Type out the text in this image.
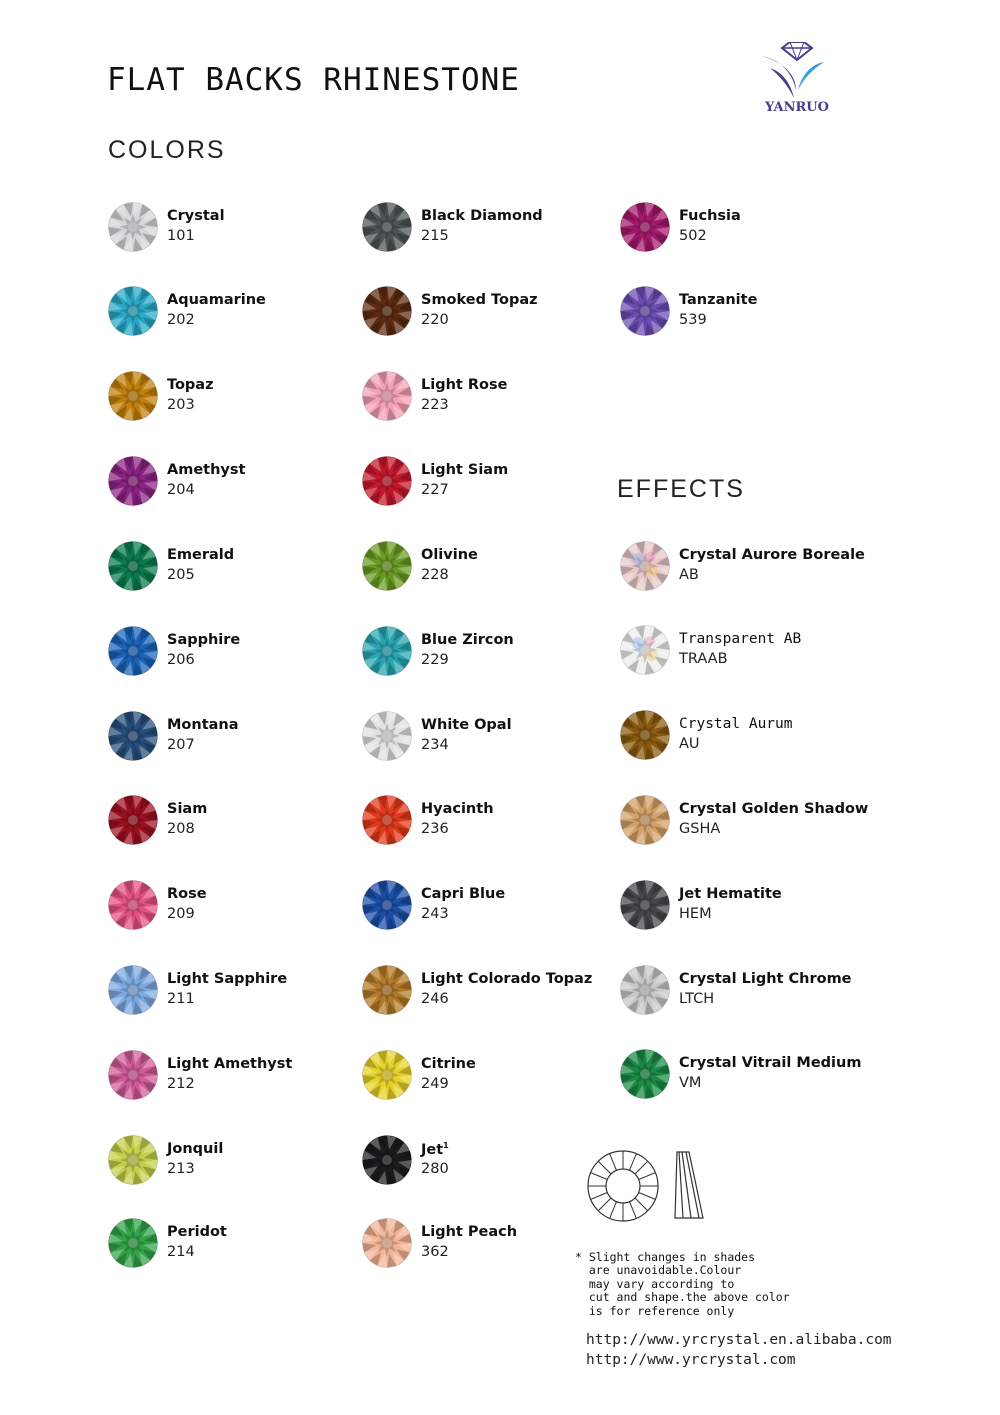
FLAT BACKS RHINESTONE
YANRUO
COLORS
EFFECTS
Crystal
101
Aquamarine
202
Topaz
203
Amethyst
204
Emerald
205
Sapphire
206
Montana
207
Siam
208
Rose
209
Light Sapphire
211
Light Amethyst
212
Jonquil
213
Peridot
214
Black Diamond
215
Smoked Topaz
220
Light Rose
223
Light Siam
227
Olivine
228
Blue Zircon
229
White Opal
234
Hyacinth
236
Capri Blue
243
Light Colorado Topaz
246
Citrine
249
Jet$^1$
280
Light Peach
362
Fuchsia
502
Tanzanite
539
Crystal Aurore Boreale
AB
Transparent AB
TRAAB
Crystal Aurum
AU
Crystal Golden Shadow
GSHA
Jet Hematite
HEM
Crystal Light Chrome
LTCH
Crystal Vitrail Medium
VM
* Slight changes in shades
are unavoidable.Colour
may vary according to
cut and shape.the above color
is for reference only
http://www.yrcrystal.en.alibaba.com
http://www.yrcrystal.com
